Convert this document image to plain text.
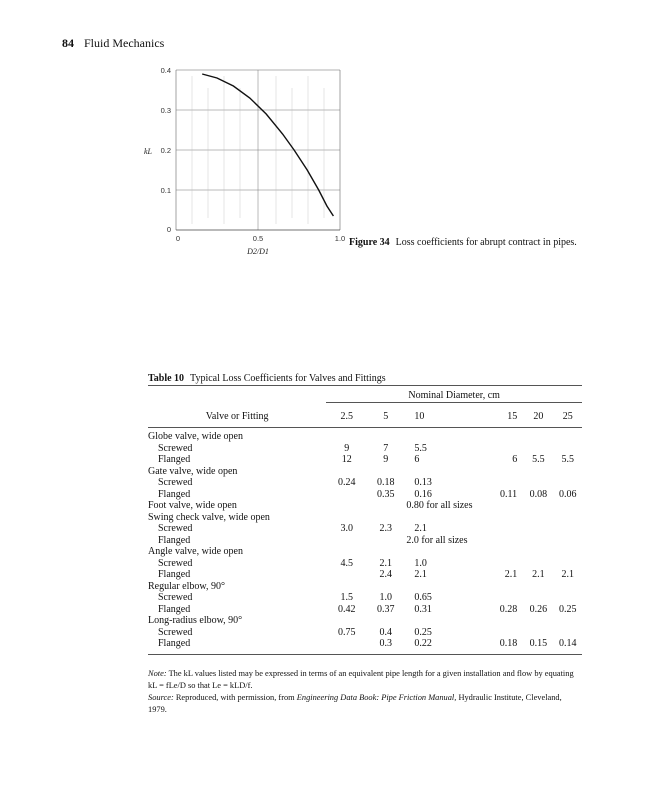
84 Fluid Mechanics
0.4
0.3
0.2
0.1
0
0	0.5	1.0
kL
D2/D1
Figure 34 Loss coefficients for abrupt contract in pipes.
Table 10 Typical Loss Coefficients for Valves and Fittings

	Nominal Diameter, cm					

Valve or Fitting	2.5	5	10	15	20	25
Globe valve, wide open						
Screwed	9	7	5.5			
Flanged	12	9	6	6	5.5	5.5
Gate valve, wide open						
Screwed	0.24	0.18	0.13			
Flanged		0.35	0.16	0.11	0.08	0.06
Foot valve, wide open			0.80 for all sizes			
Swing check valve, wide open						
Screwed	3.0	2.3	2.1			
Flanged			2.0 for all sizes			
Angle valve, wide open						
Screwed	4.5	2.1	1.0			
Flanged		2.4	2.1	2.1	2.1	2.1
Regular elbow, 90°						
Screwed	1.5	1.0	0.65			
Flanged	0.42	0.37	0.31	0.28	0.26	0.25
Long-radius elbow, 90°						
Screwed	0.75	0.4	0.25			
Flanged		0.3	0.22	0.18	0.15	0.14

Note: The kL values listed may be expressed in terms of an equivalent pipe length for a given installation and flow by equating kL = fLe/D so that Le = kLD/f.

Source: Reproduced, with permission, from Engineering Data Book: Pipe Friction Manual, Hydraulic Institute, Cleveland, 1979.
